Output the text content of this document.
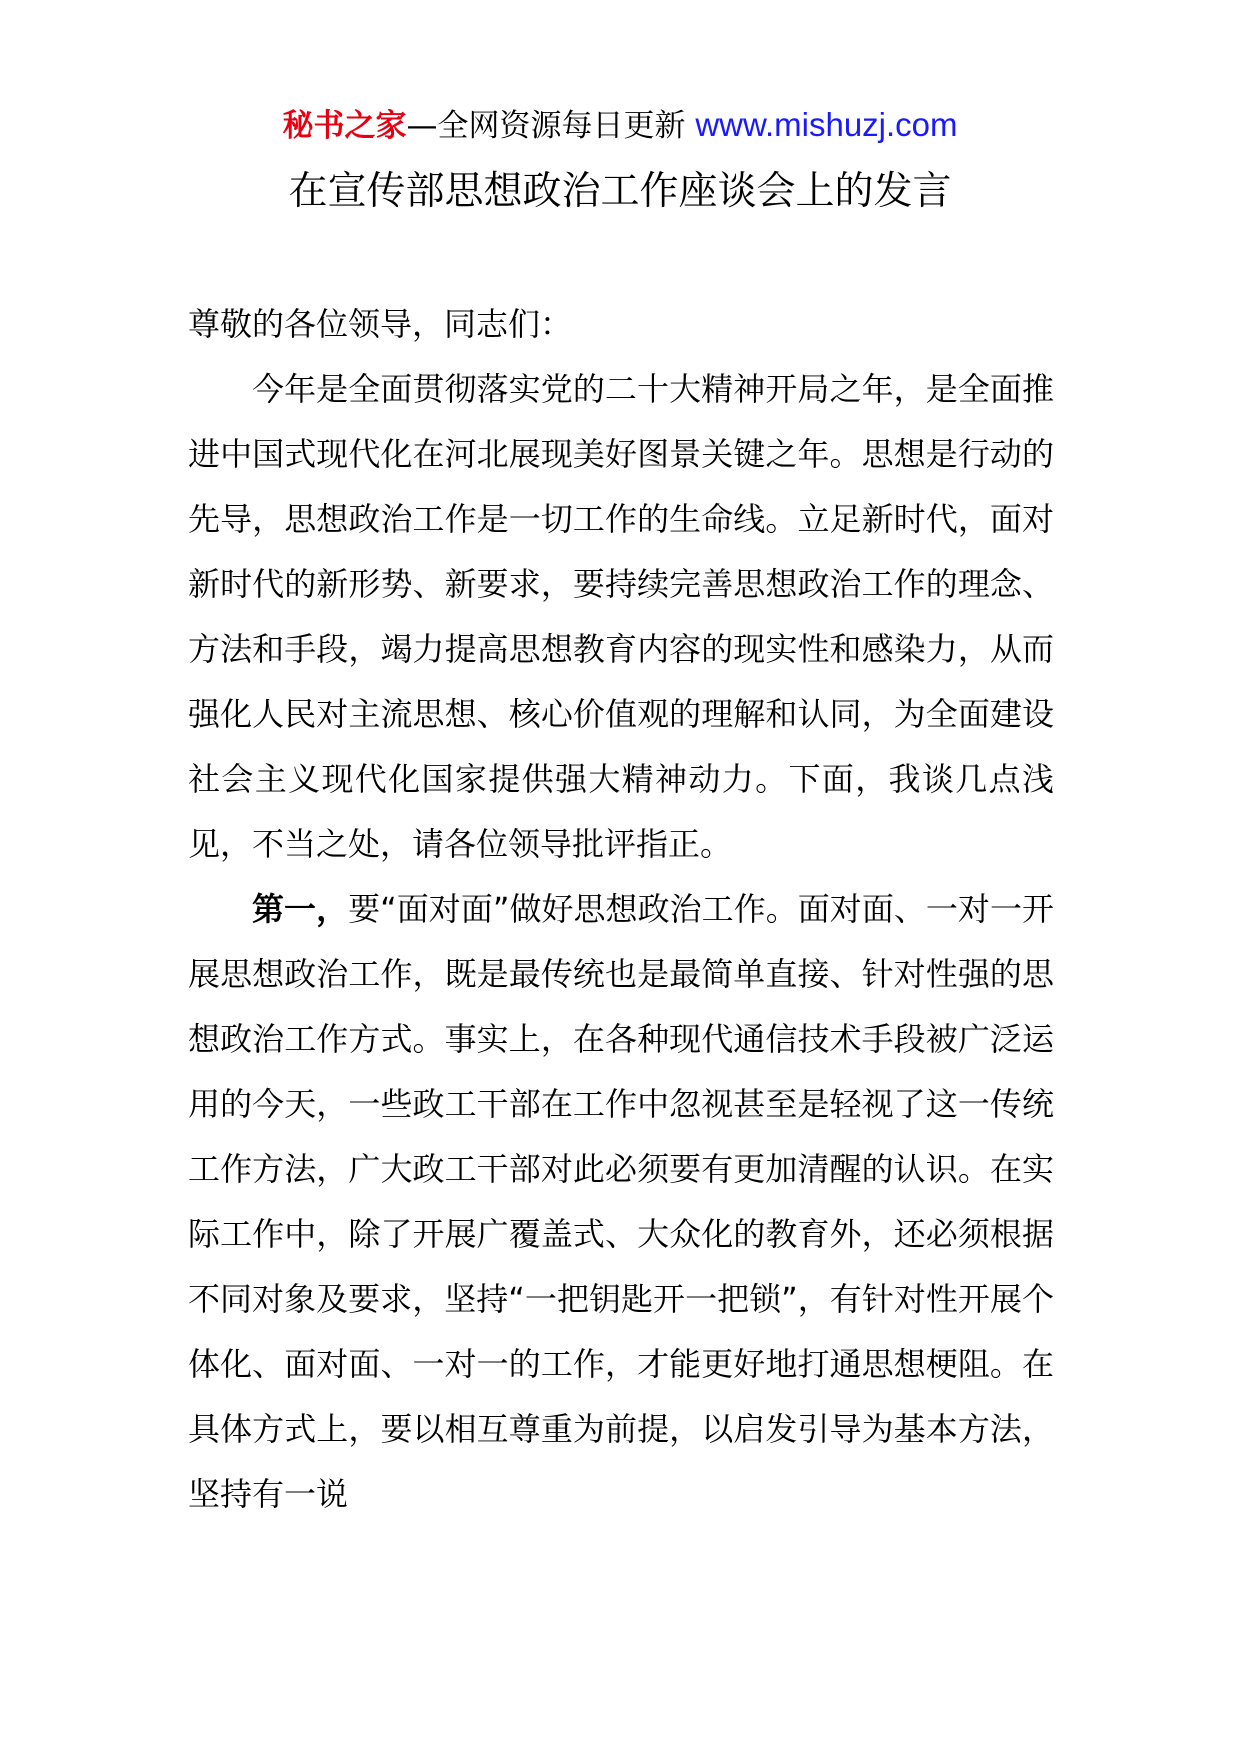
秘书之家—全网资源每日更新 www.mishuzj.com
在宣传部思想政治工作座谈会上的发言

尊敬的各位领导，同志们：

今年是全面贯彻落实党的二十大精神开局之年，是全面推进中国式现代化在河北展现美好图景关键之年。思想是行动的先导，思想政治工作是一切工作的生命线。立足新时代，面对新时代的新形势、新要求，要持续完善思想政治工作的理念、方法和手段，竭力提高思想教育内容的现实性和感染力，从而强化人民对主流思想、核心价值观的理解和认同，为全面建设社会主义现代化国家提供强大精神动力。下面，我谈几点浅见，不当之处，请各位领导批评指正。

第一，要“面对面”做好思想政治工作。面对面、一对一开展思想政治工作，既是最传统也是最简单直接、针对性强的思想政治工作方式。事实上，在各种现代通信技术手段被广泛运用的今天，一些政工干部在工作中忽视甚至是轻视了这一传统工作方法，广大政工干部对此必须要有更加清醒的认识。在实际工作中，除了开展广覆盖式、大众化的教育外，还必须根据不同对象及要求，坚持“一把钥匙开一把锁”，有针对性开展个体化、面对面、一对一的工作，才能更好地打通思想梗阻。在具体方式上，要以相互尊重为前提，以启发引导为基本方法，坚持有一说
